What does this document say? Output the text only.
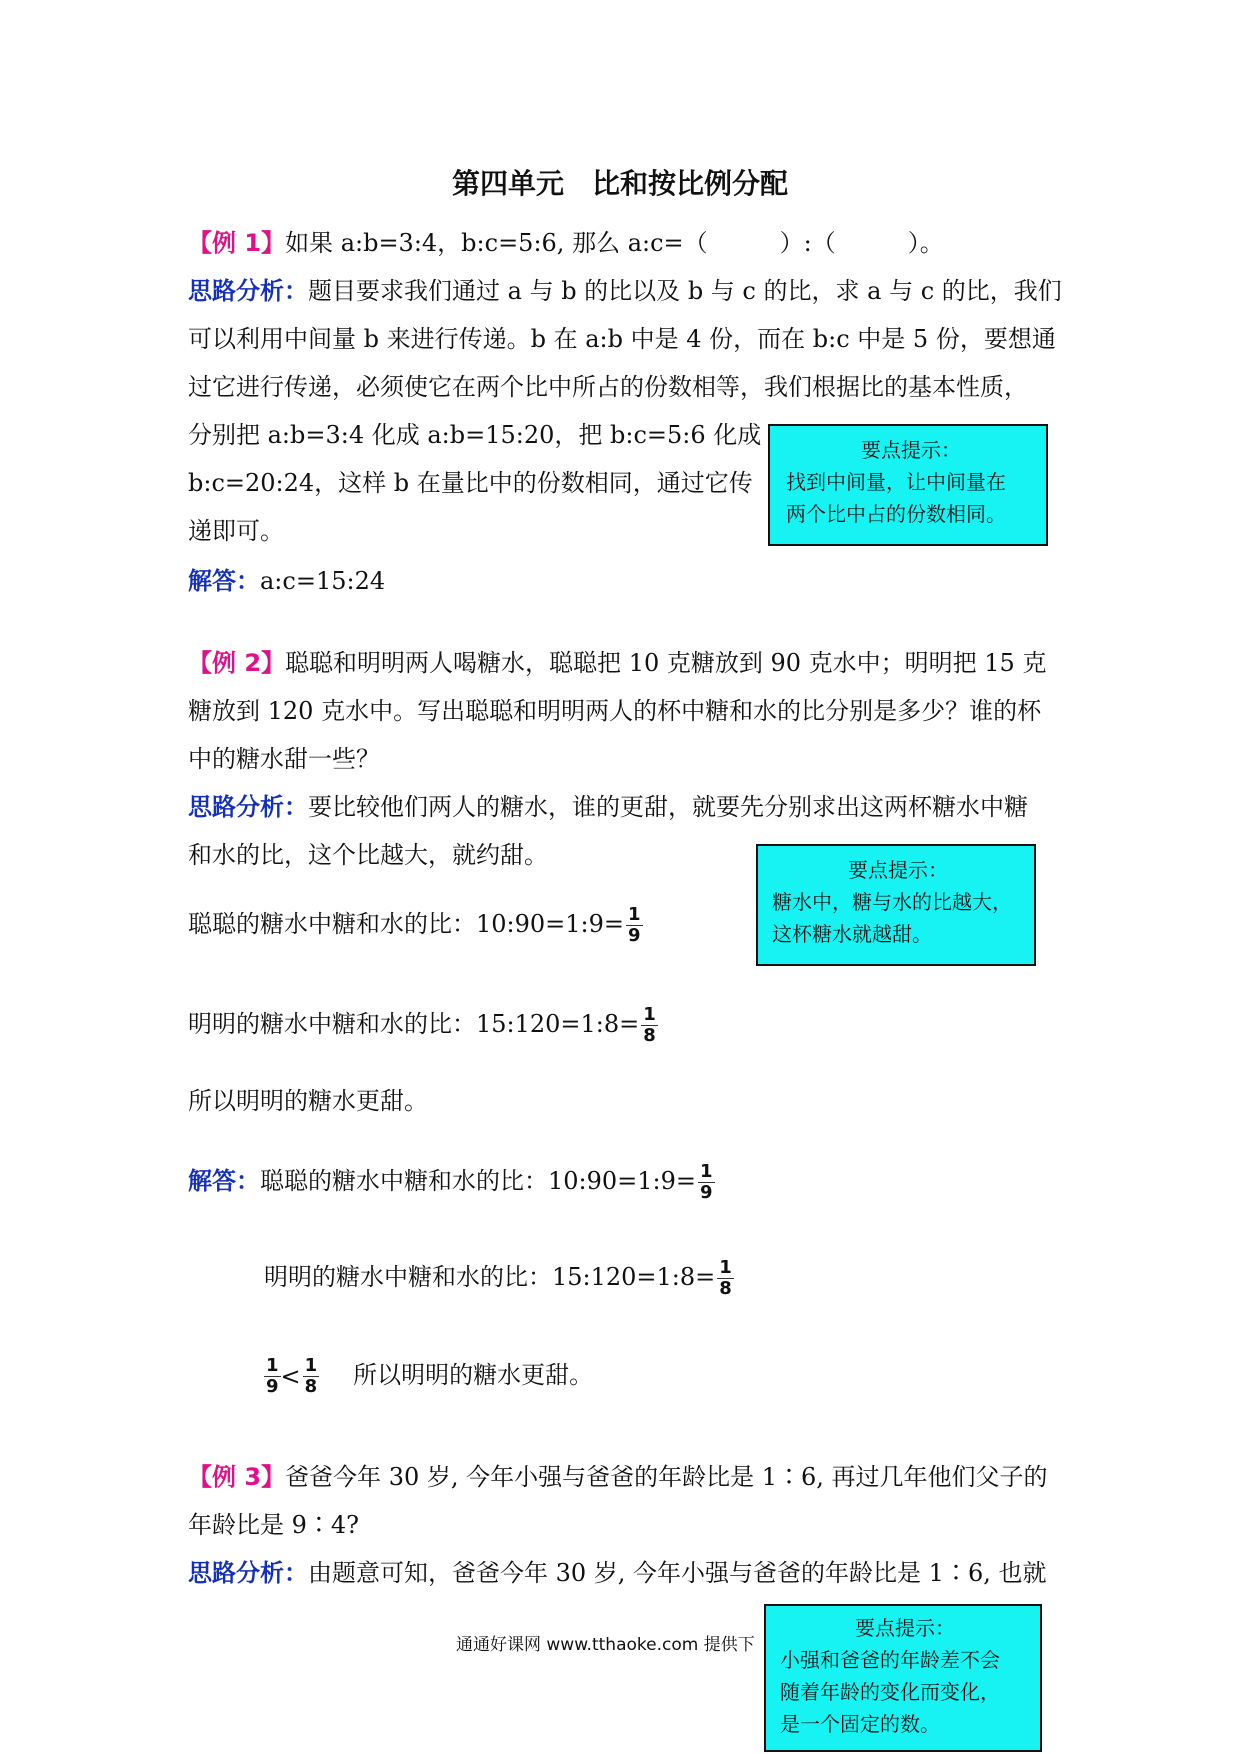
第四单元　比和按比例分配
【例 1】如果 a:b=3:4，b:c=5:6, 那么 a:c=（　　　）:（　　　）。
思路分析：题目要求我们通过 a 与 b 的比以及 b 与 c 的比，求 a 与 c 的比，我们
可以利用中间量 b 来进行传递。b 在 a:b 中是 4 份，而在 b:c 中是 5 份，要想通
过它进行传递，必须使它在两个比中所占的份数相等，我们根据比的基本性质，
分别把 a:b=3:4 化成 a:b=15:20，把 b:c=5:6 化成
b:c=20:24，这样 b 在量比中的份数相同，通过它传
递即可。
解答：a:c=15:24
要点提示：
找到中间量，让中间量在
两个比中占的份数相同。
【例 2】聪聪和明明两人喝糖水，聪聪把 10 克糖放到 90 克水中；明明把 15 克
糖放到 120 克水中。写出聪聪和明明两人的杯中糖和水的比分别是多少？谁的杯
中的糖水甜一些？
思路分析：要比较他们两人的糖水，谁的更甜，就要先分别求出这两杯糖水中糖
和水的比，这个比越大，就约甜。
聪聪的糖水中糖和水的比：10:90=1:9= $\frac{1}{9}$
明明的糖水中糖和水的比：15:120=1:8= $\frac{1}{8}$
所以明明的糖水更甜。
解答：聪聪的糖水中糖和水的比：10:90=1:9= $\frac{1}{9}$
明明的糖水中糖和水的比：15:120=1:8= $\frac{1}{8}$
$\frac{1}{9} < \frac{1}{8}$ 所以明明的糖水更甜。
要点提示：
糖水中，糖与水的比越大，
这杯糖水就越甜。
【例 3】爸爸今年 30 岁, 今年小强与爸爸的年龄比是 1∶6, 再过几年他们父子的
年龄比是 9∶4?
思路分析：由题意可知，爸爸今年 30 岁, 今年小强与爸爸的年龄比是 1∶6, 也就
通通好课网 www.tthaoke.com 提供下
要点提示：
小强和爸爸的年龄差不会
随着年龄的变化而变化，
是一个固定的数。
